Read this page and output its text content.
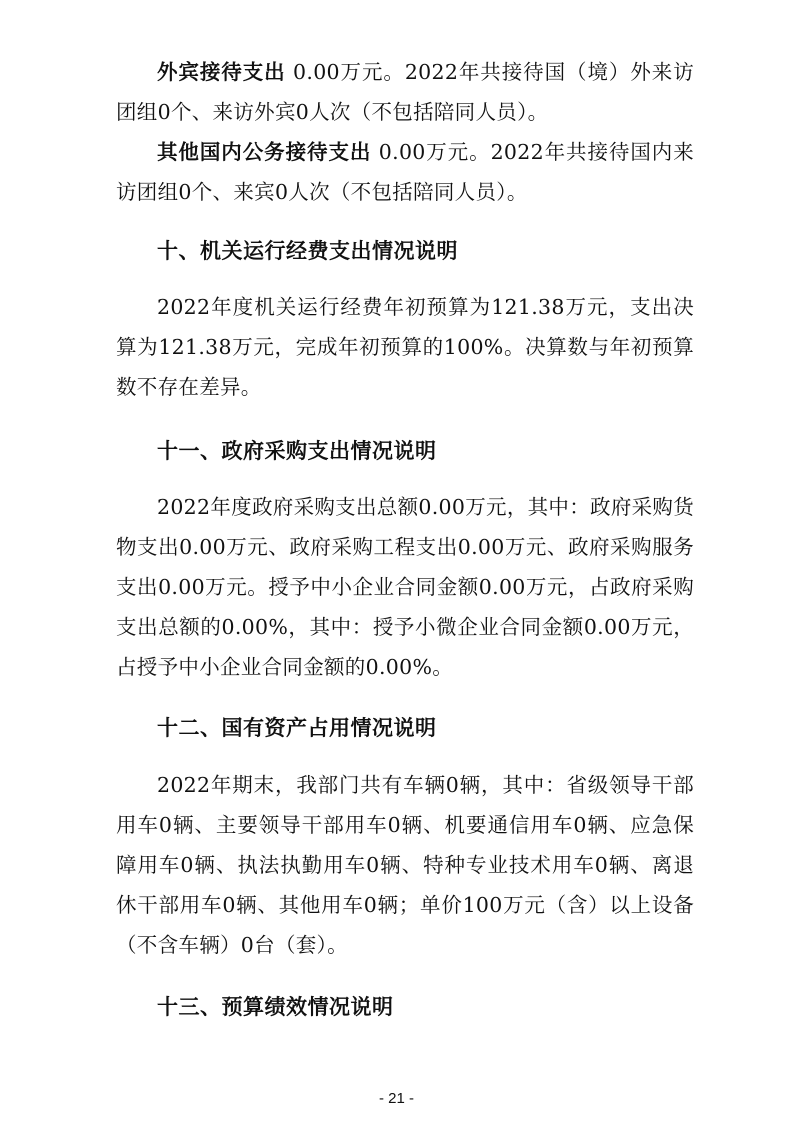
外宾接待支出 0.00万元。2022年共接待国（境）外来访团组0个、来访外宾0人次（不包括陪同人员）。

其他国内公务接待支出 0.00万元。2022年共接待国内来访团组0个、来宾0人次（不包括陪同人员）。

十、机关运行经费支出情况说明

2022年度机关运行经费年初预算为121.38万元，支出决算为121.38万元，完成年初预算的100%。决算数与年初预算数不存在差异。

十一、政府采购支出情况说明

2022年度政府采购支出总额0.00万元，其中：政府采购货物支出0.00万元、政府采购工程支出0.00万元、政府采购服务支出0.00万元。授予中小企业合同金额0.00万元，占政府采购支出总额的0.00%，其中：授予小微企业合同金额0.00万元，占授予中小企业合同金额的0.00%。

十二、国有资产占用情况说明

2022年期末，我部门共有车辆0辆，其中：省级领导干部用车0辆、主要领导干部用车0辆、机要通信用车0辆、应急保障用车0辆、执法执勤用车0辆、特种专业技术用车0辆、离退休干部用车0辆、其他用车0辆；单价100万元（含）以上设备（不含车辆）0台（套）。

十三、预算绩效情况说明
- 21 -
